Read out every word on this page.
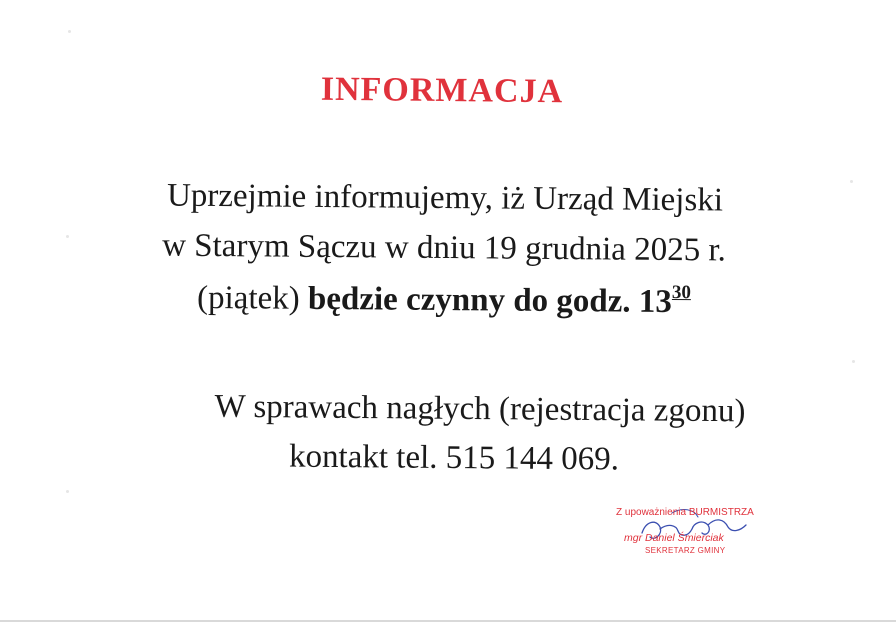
INFORMACJA
Uprzejmie informujemy, iż Urząd Miejski
w Starym Sączu w dniu 19 grudnia 2025 r.
(piątek) będzie czynny do godz. $13^{30}$
W sprawach nagłych (rejestracja zgonu)
kontakt tel. 515 144 069.
Z upoważnienia BURMISTRZA
mgr Daniel Śmierciak
SEKRETARZ GMINY
